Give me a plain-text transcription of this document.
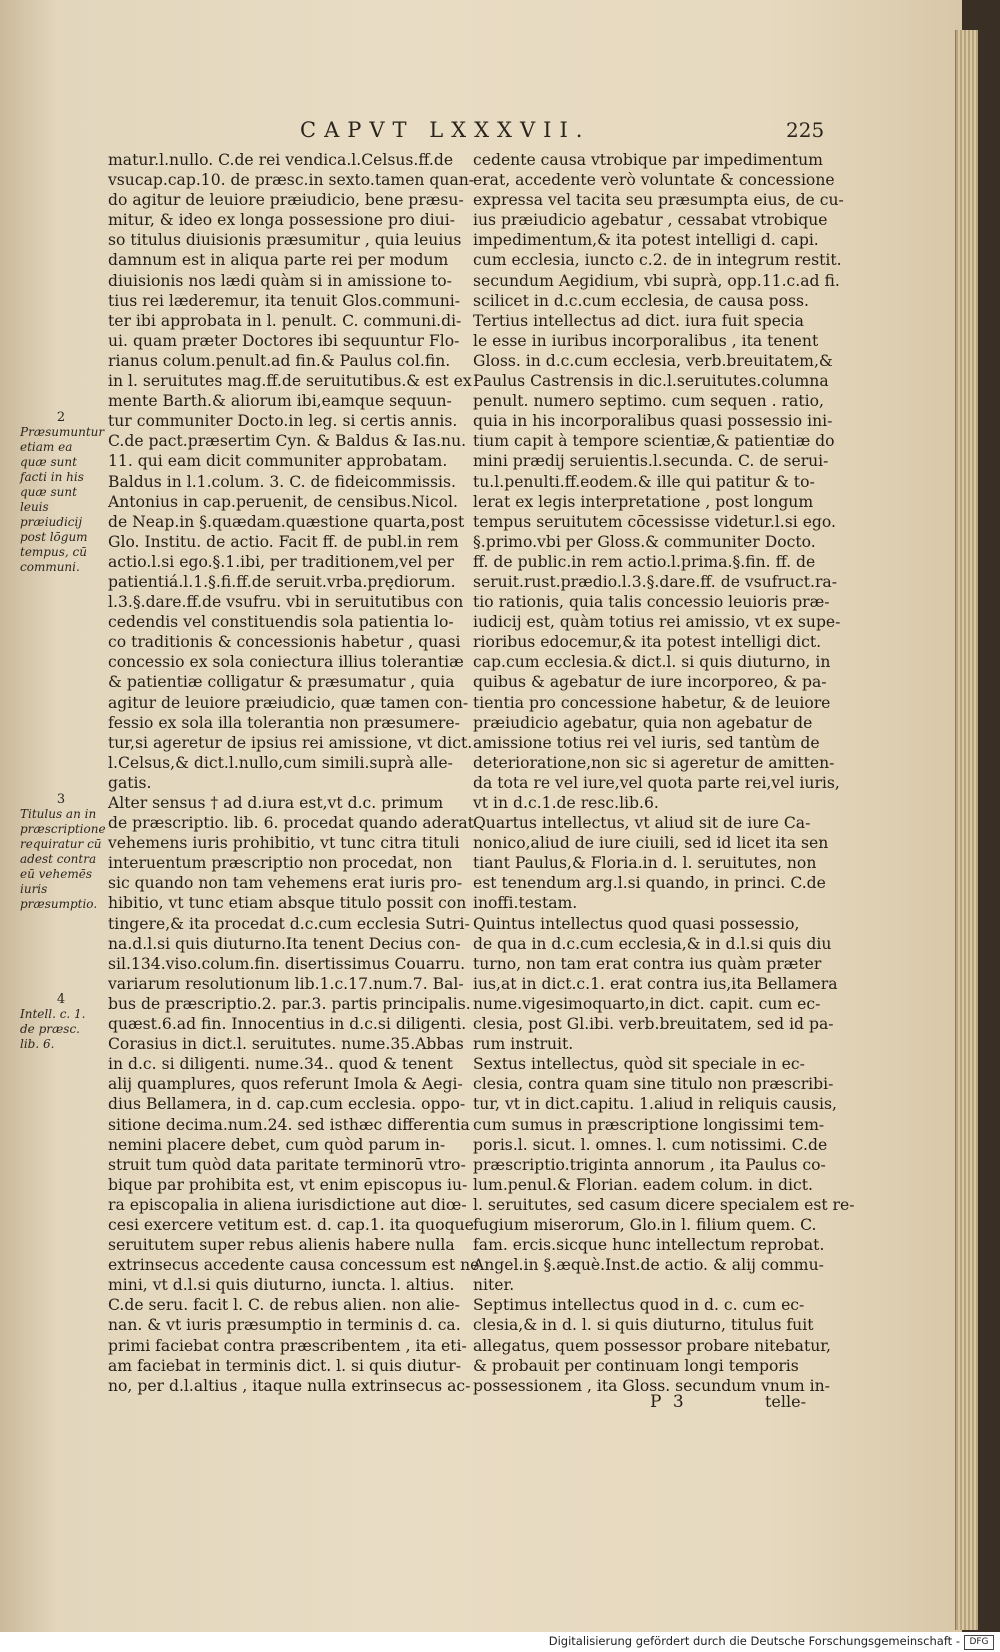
CAPVT LXXXVII.	225
matur.l.nullo. C.de rei vendica.l.Celsus.ff.de
vsucap.cap.10. de præsc.in sexto.tamen quan-
do agitur de leuiore præiudicio, bene præsu-
mitur, & ideo ex longa possessione pro diui-
so titulus diuisionis præsumitur , quia leuius
damnum est in aliqua parte rei per modum
diuisionis nos lædi quàm si in amissione to-
tius rei læderemur, ita tenuit Glos.communi-
ter ibi approbata in l. penult. C. communi.di-
ui. quam præter Doctores ibi sequuntur Flo-
rianus colum.penult.ad fin.& Paulus col.fin.
in l. seruitutes mag.ff.de seruitutibus.& est ex
mente Barth.& aliorum ibi,eamque sequun-
tur communiter Docto.in leg. si certis annis.
C.de pact.præsertim Cyn. & Baldus & Ias.nu.
11. qui eam dicit communiter approbatam.
Baldus in l.1.colum. 3. C. de fideicommissis.
Antonius in cap.peruenit, de censibus.Nicol.
de Neap.in §.quædam.quæstione quarta,post
Glo. Institu. de actio. Facit ff. de publ.in rem
actio.l.si ego.§.1.ibi, per traditionem,vel per
patientiá.l.1.§.fi.ff.de seruit.vrba.prędiorum.
l.3.§.dare.ff.de vsufru. vbi in seruitutibus con
cedendis vel constituendis sola patientia lo-
co traditionis & concessionis habetur , quasi
concessio ex sola coniectura illius tolerantiæ
& patientiæ colligatur & præsumatur , quia
agitur de leuiore præiudicio, quæ tamen con-
fessio ex sola illa tolerantia non præsumere-
tur,si ageretur de ipsius rei amissione, vt dict.
l.Celsus,& dict.l.nullo,cum simili.suprà alle-
gatis.
Alter sensus † ad d.iura est,vt d.c. primum
de præscriptio. lib. 6. procedat quando aderat
vehemens iuris prohibitio, vt tunc citra tituli
interuentum præscriptio non procedat, non
sic quando non tam vehemens erat iuris pro-
hibitio, vt tunc etiam absque titulo possit con
tingere,& ita procedat d.c.cum ecclesia Sutri-
na.d.l.si quis diuturno.Ita tenent Decius con-
sil.134.viso.colum.fin. disertissimus Couarru.
variarum resolutionum lib.1.c.17.num.7. Bal-
bus de præscriptio.2. par.3. partis principalis.
quæst.6.ad fin. Innocentius in d.c.si diligenti.
Corasius in dict.l. seruitutes. nume.35.Abbas
in d.c. si diligenti. nume.34.. quod & tenent
alij quamplures, quos referunt Imola & Aegi-
dius Bellamera, in d. cap.cum ecclesia. oppo-
sitione decima.num.24. sed isthæc differentia
nemini placere debet, cum quòd parum in-
struit tum quòd data paritate terminorū vtro-
bique par prohibita est, vt enim episcopus iu-
ra episcopalia in aliena iurisdictione aut diœ-
cesi exercere vetitum est. d. cap.1. ita quoque
seruitutem super rebus alienis habere nulla
extrinsecus accedente causa concessum est ne
mini, vt d.l.si quis diuturno, iuncta. l. altius.
C.de seru. facit l. C. de rebus alien. non alie-
nan. & vt iuris præsumptio in terminis d. ca.
primi faciebat contra præscribentem , ita eti-
am faciebat in terminis dict. l. si quis diutur-
no, per d.l.altius , itaque nulla extrinsecus ac-
cedente causa vtrobique par impedimentum
erat, accedente verò voluntate & concessione
expressa vel tacita seu præsumpta eius, de cu-
ius præiudicio agebatur , cessabat vtrobique
impedimentum,& ita potest intelligi d. capi.
cum ecclesia, iuncto c.2. de in integrum restit.
secundum Aegidium, vbi suprà, opp.11.c.ad fi.
scilicet in d.c.cum ecclesia, de causa poss.
Tertius intellectus ad dict. iura fuit specia
le esse in iuribus incorporalibus , ita tenent
Gloss. in d.c.cum ecclesia, verb.breuitatem,&
Paulus Castrensis in dic.l.seruitutes.columna
penult. numero septimo. cum sequen . ratio,
quia in his incorporalibus quasi possessio ini-
tium capit à tempore scientiæ,& patientiæ do
mini prædij seruientis.l.secunda. C. de serui-
tu.l.penulti.ff.eodem.& ille qui patitur & to-
lerat ex legis interpretatione , post longum
tempus seruitutem cōcessisse videtur.l.si ego.
§.primo.vbi per Gloss.& communiter Docto.
ff. de public.in rem actio.l.prima.§.fin. ff. de
seruit.rust.prædio.l.3.§.dare.ff. de vsufruct.ra-
tio rationis, quia talis concessio leuioris præ-
iudicij est, quàm totius rei amissio, vt ex supe-
rioribus edocemur,& ita potest intelligi dict.
cap.cum ecclesia.& dict.l. si quis diuturno, in
quibus & agebatur de iure incorporeo, & pa-
tientia pro concessione habetur, & de leuiore
præiudicio agebatur, quia non agebatur de
amissione totius rei vel iuris, sed tantùm de
deterioratione,non sic si ageretur de amitten-
da tota re vel iure,vel quota parte rei,vel iuris,
vt in d.c.1.de resc.lib.6.
Quartus intellectus, vt aliud sit de iure Ca-
nonico,aliud de iure ciuili, sed id licet ita sen
tiant Paulus,& Floria.in d. l. seruitutes, non
est tenendum arg.l.si quando, in princi. C.de
inoffi.testam.
Quintus intellectus quod quasi possessio,
de qua in d.c.cum ecclesia,& in d.l.si quis diu
turno, non tam erat contra ius quàm præter
ius,at in dict.c.1. erat contra ius,ita Bellamera
nume.vigesimoquarto,in dict. capit. cum ec-
clesia, post Gl.ibi. verb.breuitatem, sed id pa-
rum instruit.
Sextus intellectus, quòd sit speciale in ec-
clesia, contra quam sine titulo non præscribi-
tur, vt in dict.capitu. 1.aliud in reliquis causis,
cum sumus in præscriptione longissimi tem-
poris.l. sicut. l. omnes. l. cum notissimi. C.de
præscriptio.triginta annorum , ita Paulus co-
lum.penul.& Florian. eadem colum. in dict.
l. seruitutes, sed casum dicere specialem est re-
fugium miserorum, Glo.in l. filium quem. C.
fam. ercis.sicque hunc intellectum reprobat.
Angel.in §.æquè.Inst.de actio. & alij commu-
niter.
Septimus intellectus quod in d. c. cum ec-
clesia,& in d. l. si quis diuturno, titulus fuit
allegatus, quem possessor probare nitebatur,
& probauit per continuam longi temporis
possessionem , ita Gloss. secundum vnum in-
2
Præsumuntur etiam ea quæ sunt facti in his quæ sunt leuis præiudicij post lōgum tempus, cū communi.
3
Titulus an in præscriptione requiratur cū adest contra eū vehemēs iuris præsumptio.
4
Intell. c. 1. de præsc. lib. 6.
P 3	telle-
Digitalisierung gefördert durch die Deutsche Forschungsgemeinschaft -	DFG
